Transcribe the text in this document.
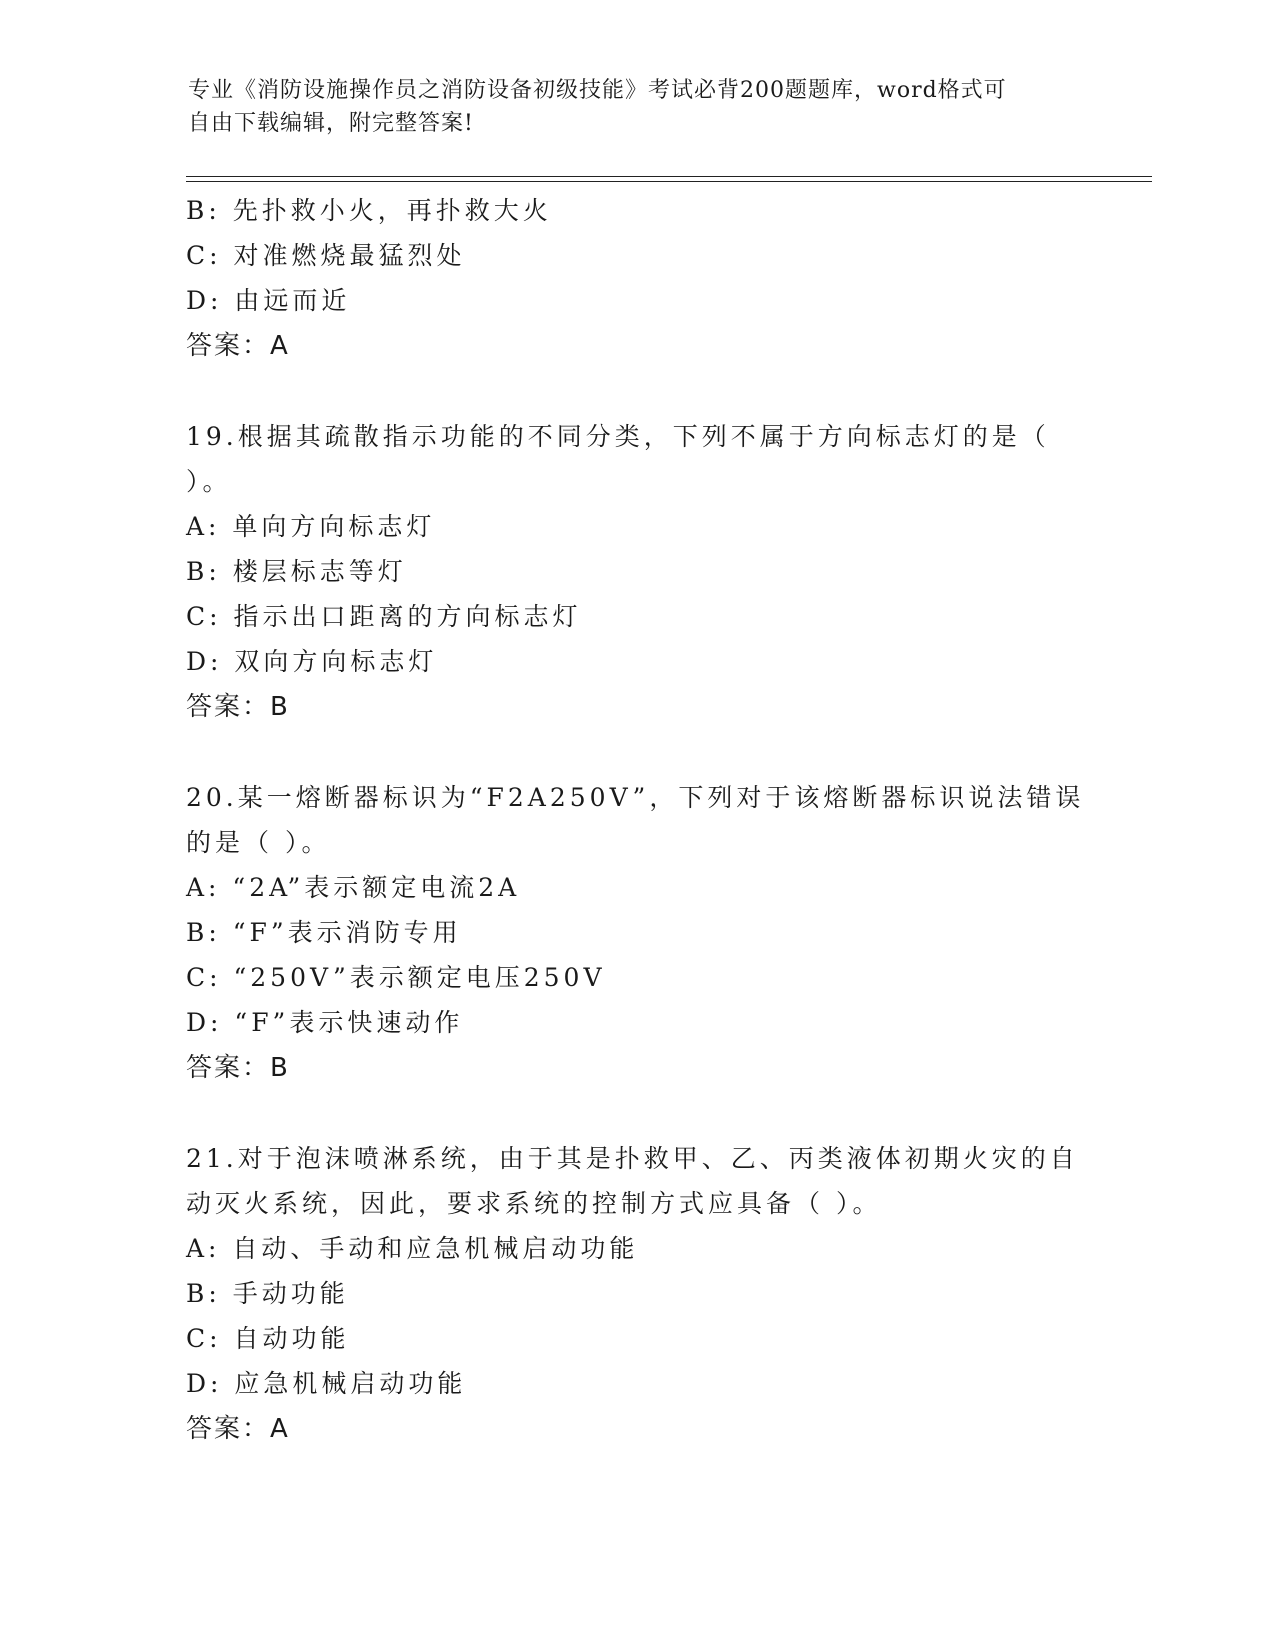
专业《消防设施操作员之消防设备初级技能》考试必背200题题库，word格式可
自由下载编辑，附完整答案!
B: 先扑救小火，再扑救大火
C: 对准燃烧最猛烈处
D: 由远而近
答案：A
19.根据其疏散指示功能的不同分类，下列不属于方向标志灯的是（
）。
A: 单向方向标志灯
B: 楼层标志等灯
C: 指示出口距离的方向标志灯
D: 双向方向标志灯
答案：B
20.某一熔断器标识为“F2A250V”，下列对于该熔断器标识说法错误
的是（ ）。
A: “2A”表示额定电流2A
B: “F”表示消防专用
C: “250V”表示额定电压250V
D: “F”表示快速动作
答案：B
21.对于泡沫喷淋系统，由于其是扑救甲、乙、丙类液体初期火灾的自
动灭火系统，因此，要求系统的控制方式应具备（ ）。
A: 自动、手动和应急机械启动功能
B: 手动功能
C: 自动功能
D: 应急机械启动功能
答案：A
